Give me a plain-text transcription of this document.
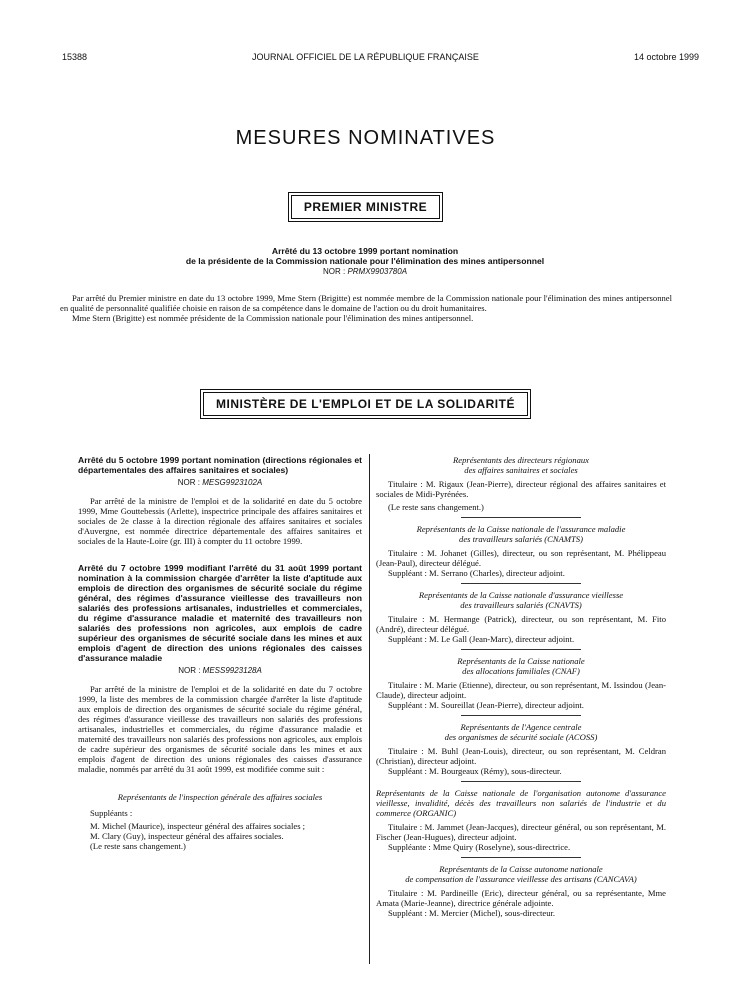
15388	JOURNAL OFFICIEL DE LA RÉPUBLIQUE FRANÇAISE	14 octobre 1999
MESURES NOMINATIVES
PREMIER MINISTRE
Arrêté du 13 octobre 1999 portant nomination
de la présidente de la Commission nationale pour l'élimination des mines antipersonnel
NOR : PRMX9903780A

Par arrêté du Premier ministre en date du 13 octobre 1999, Mme Stern (Brigitte) est nommée membre de la Commission nationale pour l'élimination des mines antipersonnel en qualité de personnalité qualifiée choisie en raison de sa compétence dans le domaine de l'action ou du droit humanitaires.

Mme Stern (Brigitte) est nommée présidente de la Commission nationale pour l'élimination des mines antipersonnel.

MINISTÈRE DE L'EMPLOI ET DE LA SOLIDARITÉ

Arrêté du 5 octobre 1999 portant nomination (directions régionales et départementales des affaires sanitaires et sociales)

NOR : MESG9923102A

Par arrêté de la ministre de l'emploi et de la solidarité en date du 5 octobre 1999, Mme Gouttebessis (Arlette), inspectrice principale des affaires sanitaires et sociales de 2e classe à la direction régionale des affaires sanitaires et sociales d'Auvergne, est nommée directrice départementale des affaires sanitaires et sociales de la Haute-Loire (gr. III) à compter du 11 octobre 1999.

Arrêté du 7 octobre 1999 modifiant l'arrêté du 31 août 1999 portant nomination à la commission chargée d'arrêter la liste d'aptitude aux emplois de direction des organismes de sécurité sociale du régime général, des régimes d'assurance vieillesse des travailleurs non salariés des professions artisanales, industrielles et commerciales, du régime d'assurance maladie et maternité des travailleurs non salariés des professions non agricoles, aux emplois de cadre supérieur des organismes de sécurité sociale dans les mines et aux emplois d'agent de direction des unions régionales des caisses d'assurance maladie

NOR : MESS9923128A

Par arrêté de la ministre de l'emploi et de la solidarité en date du 7 octobre 1999, la liste des membres de la commission chargée d'arrêter la liste d'aptitude aux emplois de direction des organismes de sécurité sociale du régime général, des régimes d'assurance vieillesse des travailleurs non salariés des professions artisanales, industrielles et commerciales, du régime d'assurance maladie et maternité des travailleurs non salariés des professions non agricoles, aux emplois de cadre supérieur des organismes de sécurité sociale dans les mines et aux emplois d'agent de direction des unions régionales des caisses d'assurance maladie, nommés par arrêté du 31 août 1999, est modifiée comme suit :

Représentants de l'inspection générale des affaires sociales

Suppléants :

M. Michel (Maurice), inspecteur général des affaires sociales ;

M. Clary (Guy), inspecteur général des affaires sociales.

(Le reste sans changement.)

Représentants des directeurs régionaux

des affaires sanitaires et sociales

Titulaire : M. Rigaux (Jean-Pierre), directeur régional des affaires sanitaires et sociales de Midi-Pyrénées.

(Le reste sans changement.)

Représentants de la Caisse nationale de l'assurance maladie

des travailleurs salariés (CNAMTS)

Titulaire : M. Johanet (Gilles), directeur, ou son représentant, M. Phélippeau (Jean-Paul), directeur délégué.

Suppléant : M. Serrano (Charles), directeur adjoint.

Représentants de la Caisse nationale d'assurance vieillesse

des travailleurs salariés (CNAVTS)

Titulaire : M. Hermange (Patrick), directeur, ou son représentant, M. Fito (André), directeur délégué.

Suppléant : M. Le Gall (Jean-Marc), directeur adjoint.

Représentants de la Caisse nationale

des allocations familiales (CNAF)

Titulaire : M. Marie (Etienne), directeur, ou son représentant, M. Issindou (Jean-Claude), directeur adjoint.

Suppléant : M. Soureillat (Jean-Pierre), directeur adjoint.

Représentants de l'Agence centrale

des organismes de sécurité sociale (ACOSS)

Titulaire : M. Buhl (Jean-Louis), directeur, ou son représentant, M. Celdran (Christian), directeur adjoint.

Suppléant : M. Bourgeaux (Rémy), sous-directeur.

Représentants de la Caisse nationale de l'organisation autonome d'assurance vieillesse, invalidité, décès des travailleurs non salariés de l'industrie et du commerce (ORGANIC)

Titulaire : M. Jammet (Jean-Jacques), directeur général, ou son représentant, M. Fischer (Jean-Hugues), directeur adjoint.

Suppléante : Mme Quiry (Roselyne), sous-directrice.

Représentants de la Caisse autonome nationale

de compensation de l'assurance vieillesse des artisans (CANCAVA)

Titulaire : M. Pardineille (Eric), directeur général, ou sa représentante, Mme Amata (Marie-Jeanne), directrice générale adjointe.

Suppléant : M. Mercier (Michel), sous-directeur.
